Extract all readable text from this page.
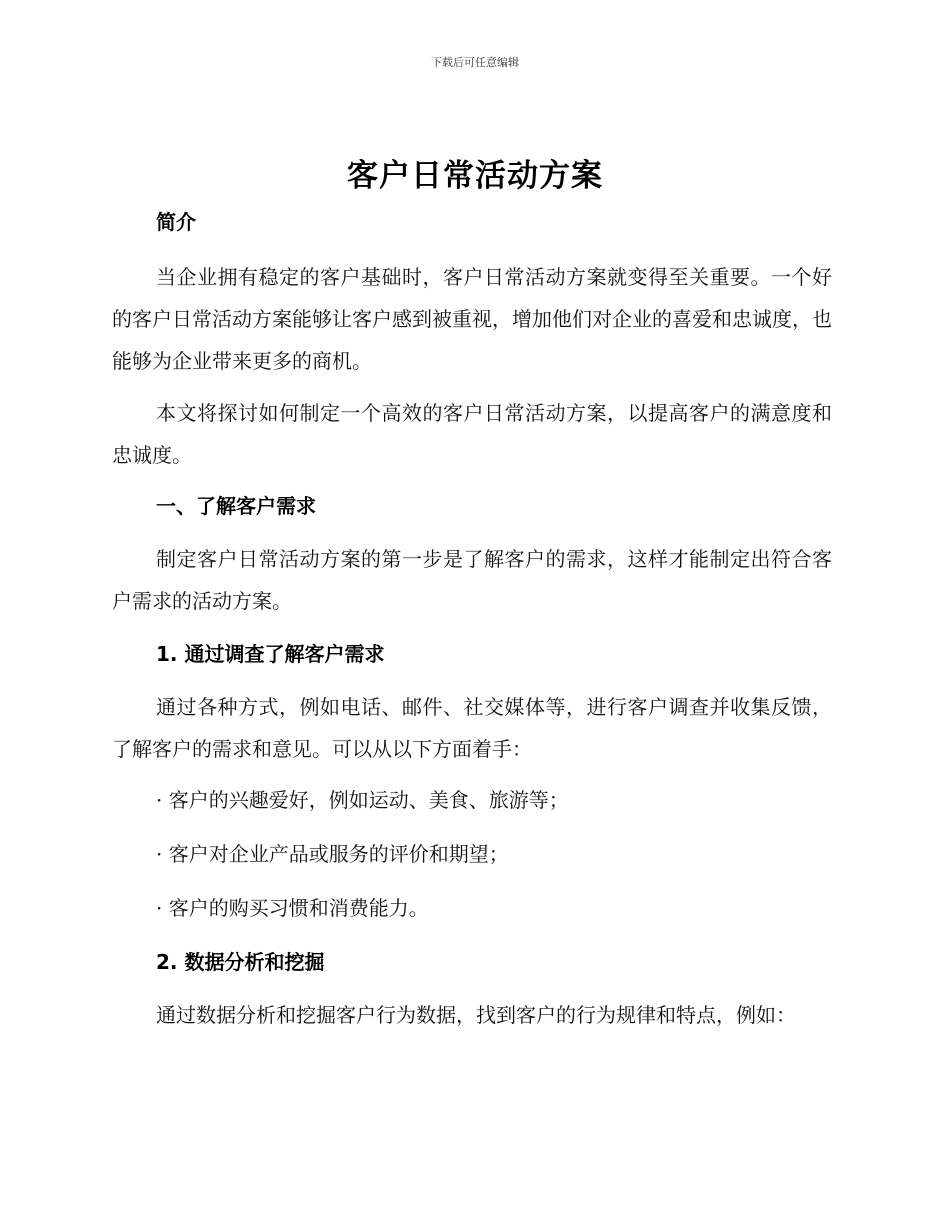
下载后可任意编辑
客户日常活动方案
简介

当企业拥有稳定的客户基础时，客户日常活动方案就变得至关重要。一个好的客户日常活动方案能够让客户感到被重视，增加他们对企业的喜爱和忠诚度，也能够为企业带来更多的商机。

本文将探讨如何制定一个高效的客户日常活动方案，以提高客户的满意度和忠诚度。

一、了解客户需求

制定客户日常活动方案的第一步是了解客户的需求，这样才能制定出符合客户需求的活动方案。

1. 通过调查了解客户需求

通过各种方式，例如电话、邮件、社交媒体等，进行客户调查并收集反馈，了解客户的需求和意见。可以从以下方面着手：

· 客户的兴趣爱好，例如运动、美食、旅游等；
· 客户对企业产品或服务的评价和期望；
· 客户的购买习惯和消费能力。
2. 数据分析和挖掘

通过数据分析和挖掘客户行为数据，找到客户的行为规律和特点，例如：
